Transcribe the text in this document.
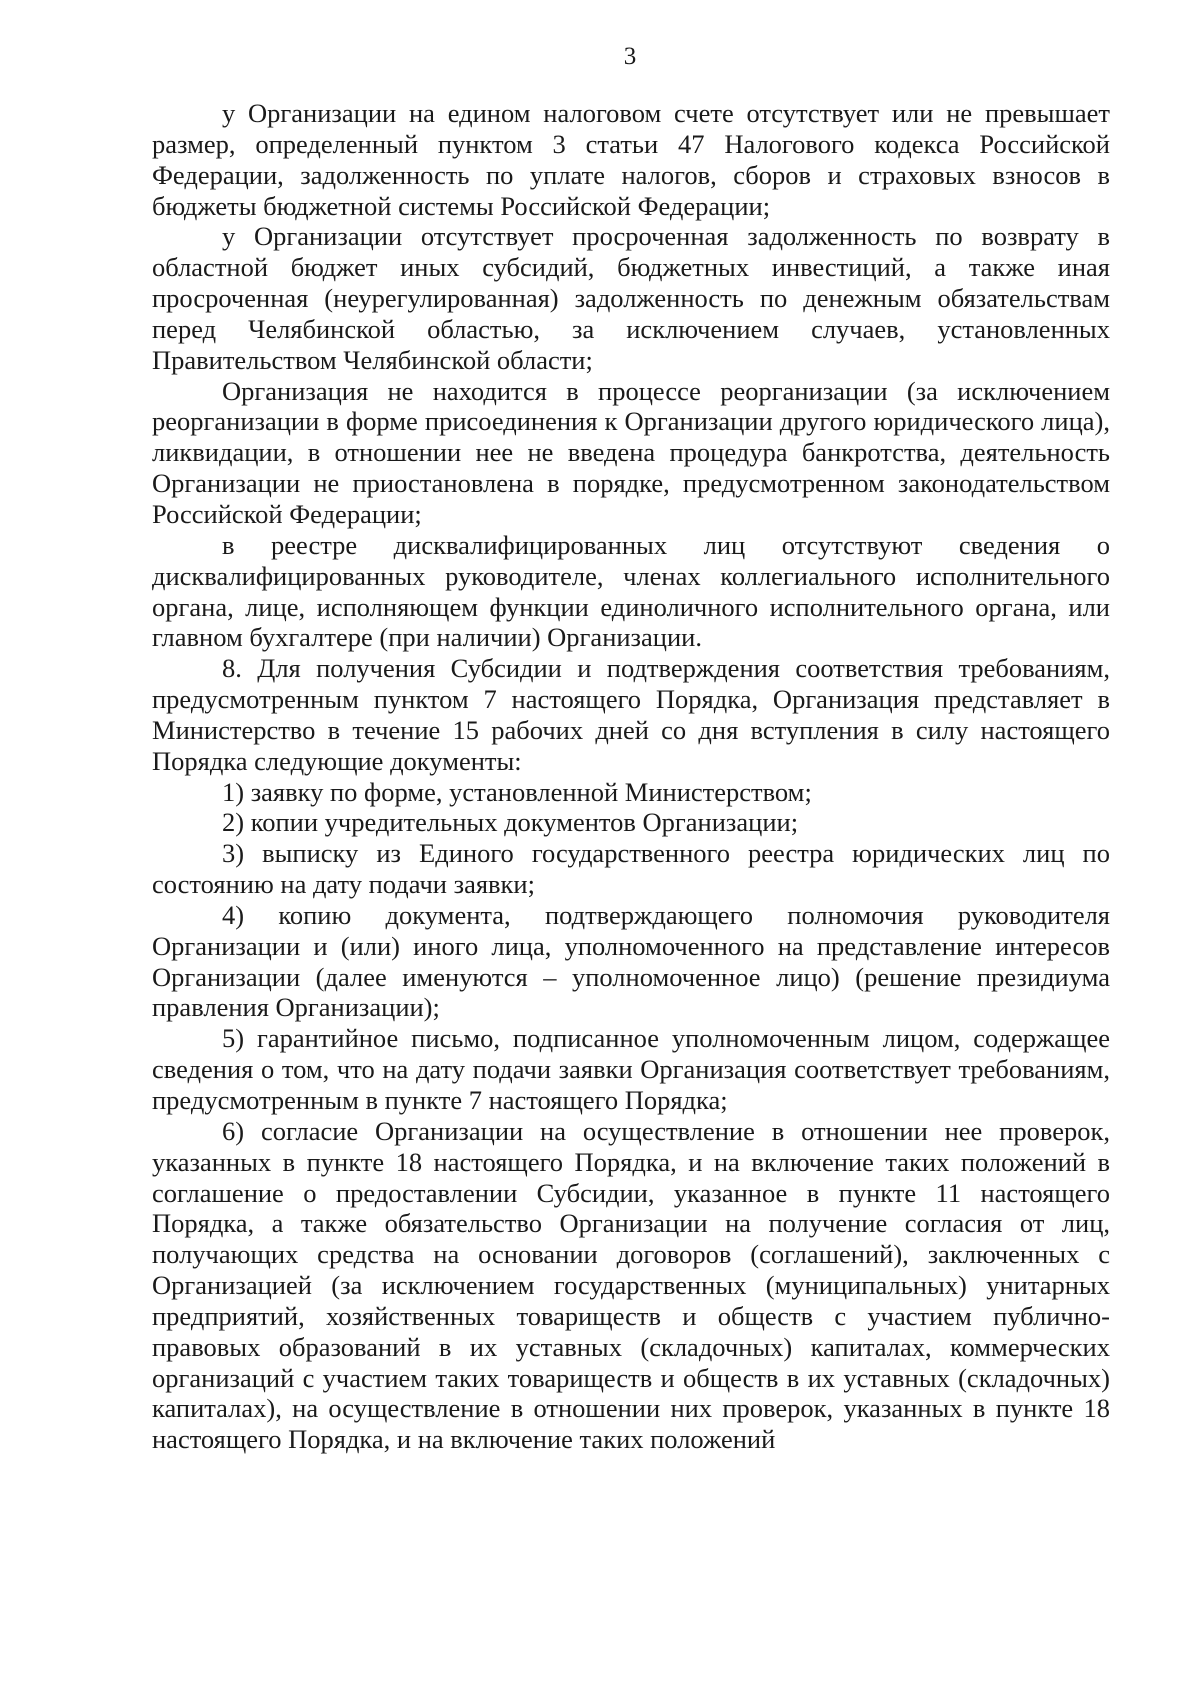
3

у Организации на едином налоговом счете отсутствует или не превышает размер, определенный пунктом 3 статьи 47 Налогового кодекса Российской Федерации, задолженность по уплате налогов, сборов и страховых взносов в бюджеты бюджетной системы Российской Федерации;

у Организации отсутствует просроченная задолженность по возврату в областной бюджет иных субсидий, бюджетных инвестиций, а также иная просроченная (неурегулированная) задолженность по денежным обязательствам перед Челябинской областью, за исключением случаев, установленных Правительством Челябинской области;

Организация не находится в процессе реорганизации (за исключением реорганизации в форме присоединения к Организации другого юридического лица), ликвидации, в отношении нее не введена процедура банкротства, деятельность Организации не приостановлена в порядке, предусмотренном законодательством Российской Федерации;

в реестре дисквалифицированных лиц отсутствуют сведения о дисквалифицированных руководителе, членах коллегиального исполнительного органа, лице, исполняющем функции единоличного исполнительного органа, или главном бухгалтере (при наличии) Организации.

8. Для получения Субсидии и подтверждения соответствия требованиям, предусмотренным пунктом 7 настоящего Порядка, Организация представляет в Министерство в течение 15 рабочих дней со дня вступления в силу настоящего Порядка следующие документы:

1) заявку по форме, установленной Министерством;

2) копии учредительных документов Организации;

3) выписку из Единого государственного реестра юридических лиц по состоянию на дату подачи заявки;

4) копию документа, подтверждающего полномочия руководителя Организации и (или) иного лица, уполномоченного на представление интересов Организации (далее именуются – уполномоченное лицо) (решение президиума правления Организации);

5) гарантийное письмо, подписанное уполномоченным лицом, содержащее сведения о том, что на дату подачи заявки Организация соответствует требованиям, предусмотренным в пункте 7 настоящего Порядка;

6) согласие Организации на осуществление в отношении нее проверок, указанных в пункте 18 настоящего Порядка, и на включение таких положений в соглашение о предоставлении Субсидии, указанное в пункте 11 настоящего Порядка, а также обязательство Организации на получение согласия от лиц, получающих средства на основании договоров (соглашений), заключенных с Организацией (за исключением государственных (муниципальных) унитарных предприятий, хозяйственных товариществ и обществ с участием публично-правовых образований в их уставных (складочных) капиталах, коммерческих организаций с участием таких товариществ и обществ в их уставных (складочных) капиталах), на осуществление в отношении них проверок, указанных в пункте 18 настоящего Порядка, и на включение таких положений
